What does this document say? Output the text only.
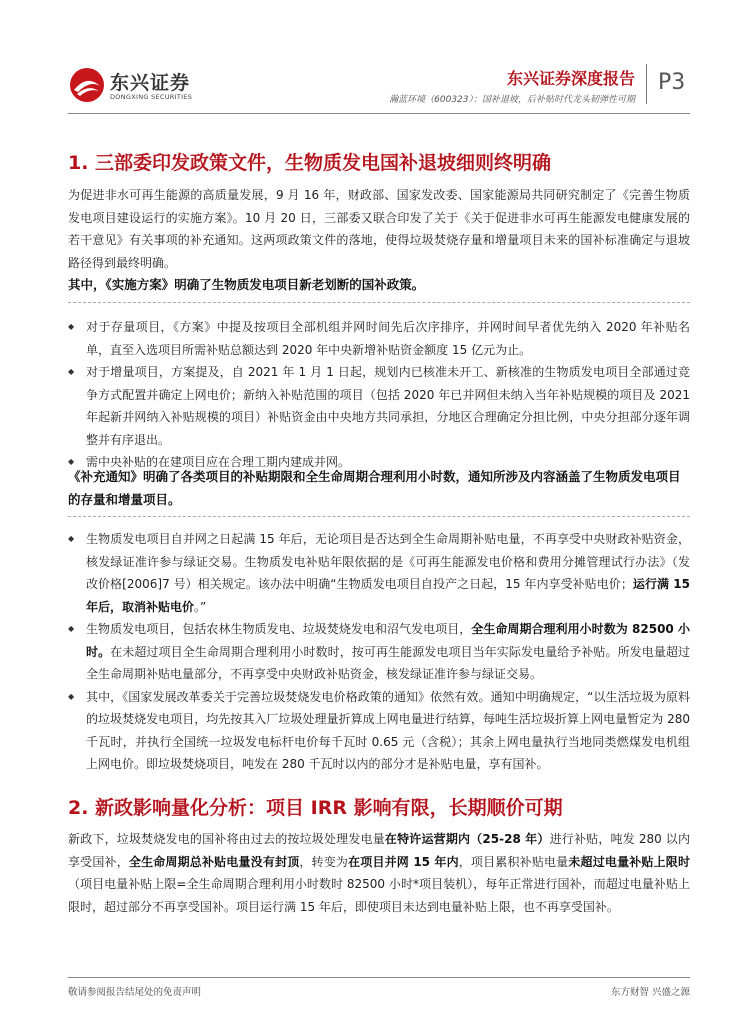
东兴证券
DONGXING SECURITIES
东兴证券深度报告
瀚蓝环境（600323）：国补退坡，后补贴时代龙头韧弹性可期
P3
1. 三部委印发政策文件，生物质发电国补退坡细则终明确

为促进非水可再生能源的高质量发展，9 月 16 年，财政部、国家发改委、国家能源局共同研究制定了《完善生物质发电项目建设运行的实施方案》。10 月 20 日，三部委又联合印发了关于《关于促进非水可再生能源发电健康发展的若干意见》有关事项的补充通知。这两项政策文件的落地，使得垃圾焚烧存量和增量项目未来的国补标准确定与退坡路径得到最终明确。

其中，《实施方案》明确了生物质发电项目新老划断的国补政策。
◆ 对于存量项目，《方案》中提及按项目全部机组并网时间先后次序排序，并网时间早者优先纳入 2020 年补贴名单，直至入选项目所需补贴总额达到 2020 年中央新增补贴资金额度 15 亿元为止。
◆ 对于增量项目，方案提及，自 2021 年 1 月 1 日起，规划内已核准未开工、新核准的生物质发电项目全部通过竞争方式配置并确定上网电价；新纳入补贴范围的项目（包括 2020 年已并网但未纳入当年补贴规模的项目及 2021 年起新并网纳入补贴规模的项目）补贴资金由中央地方共同承担，分地区合理确定分担比例，中央分担部分逐年调整并有序退出。
◆ 需中央补贴的在建项目应在合理工期内建成并网。
《补充通知》明确了各类项目的补贴期限和全生命周期合理利用小时数，通知所涉及内容涵盖了生物质发电项目的存量和增量项目。
◆ 生物质发电项目自并网之日起满 15 年后，无论项目是否达到全生命周期补贴电量，不再享受中央财政补贴资金，核发绿证准许参与绿证交易。生物质发电补贴年限依据的是《可再生能源发电价格和费用分摊管理试行办法》（发改价格[2006]7 号）相关规定。该办法中明确“生物质发电项目自投产之日起，15 年内享受补贴电价；运行满 15 年后，取消补贴电价。”
◆ 生物质发电项目，包括农林生物质发电、垃圾焚烧发电和沼气发电项目，全生命周期合理利用小时数为 82500 小时。在未超过项目全生命周期合理利用小时数时，按可再生能源发电项目当年实际发电量给予补贴。所发电量超过全生命周期补贴电量部分，不再享受中央财政补贴资金，核发绿证准许参与绿证交易。
◆ 其中，《国家发展改革委关于完善垃圾焚烧发电价格政策的通知》依然有效。通知中明确规定，“以生活垃圾为原料的垃圾焚烧发电项目，均先按其入厂垃圾处理量折算成上网电量进行结算，每吨生活垃圾折算上网电量暂定为 280 千瓦时，并执行全国统一垃圾发电标杆电价每千瓦时 0.65 元（含税）；其余上网电量执行当地同类燃煤发电机组上网电价。即垃圾焚烧项目，吨发在 280 千瓦时以内的部分才是补贴电量，享有国补。
2. 新政影响量化分析：项目 IRR 影响有限，长期顺价可期

新政下，垃圾焚烧发电的国补将由过去的按垃圾处理发电量在特许运营期内（25-28 年）进行补贴，吨发 280 以内享受国补，全生命周期总补贴电量没有封顶，转变为在项目并网 15 年内，项目累积补贴电量未超过电量补贴上限时（项目电量补贴上限=全生命周期合理利用小时数时 82500 小时*项目装机），每年正常进行国补，而超过电量补贴上限时，超过部分不再享受国补。项目运行满 15 年后，即使项目未达到电量补贴上限，也不再享受国补。

敬请参阅报告结尾处的免责声明	东方财智 兴盛之源
